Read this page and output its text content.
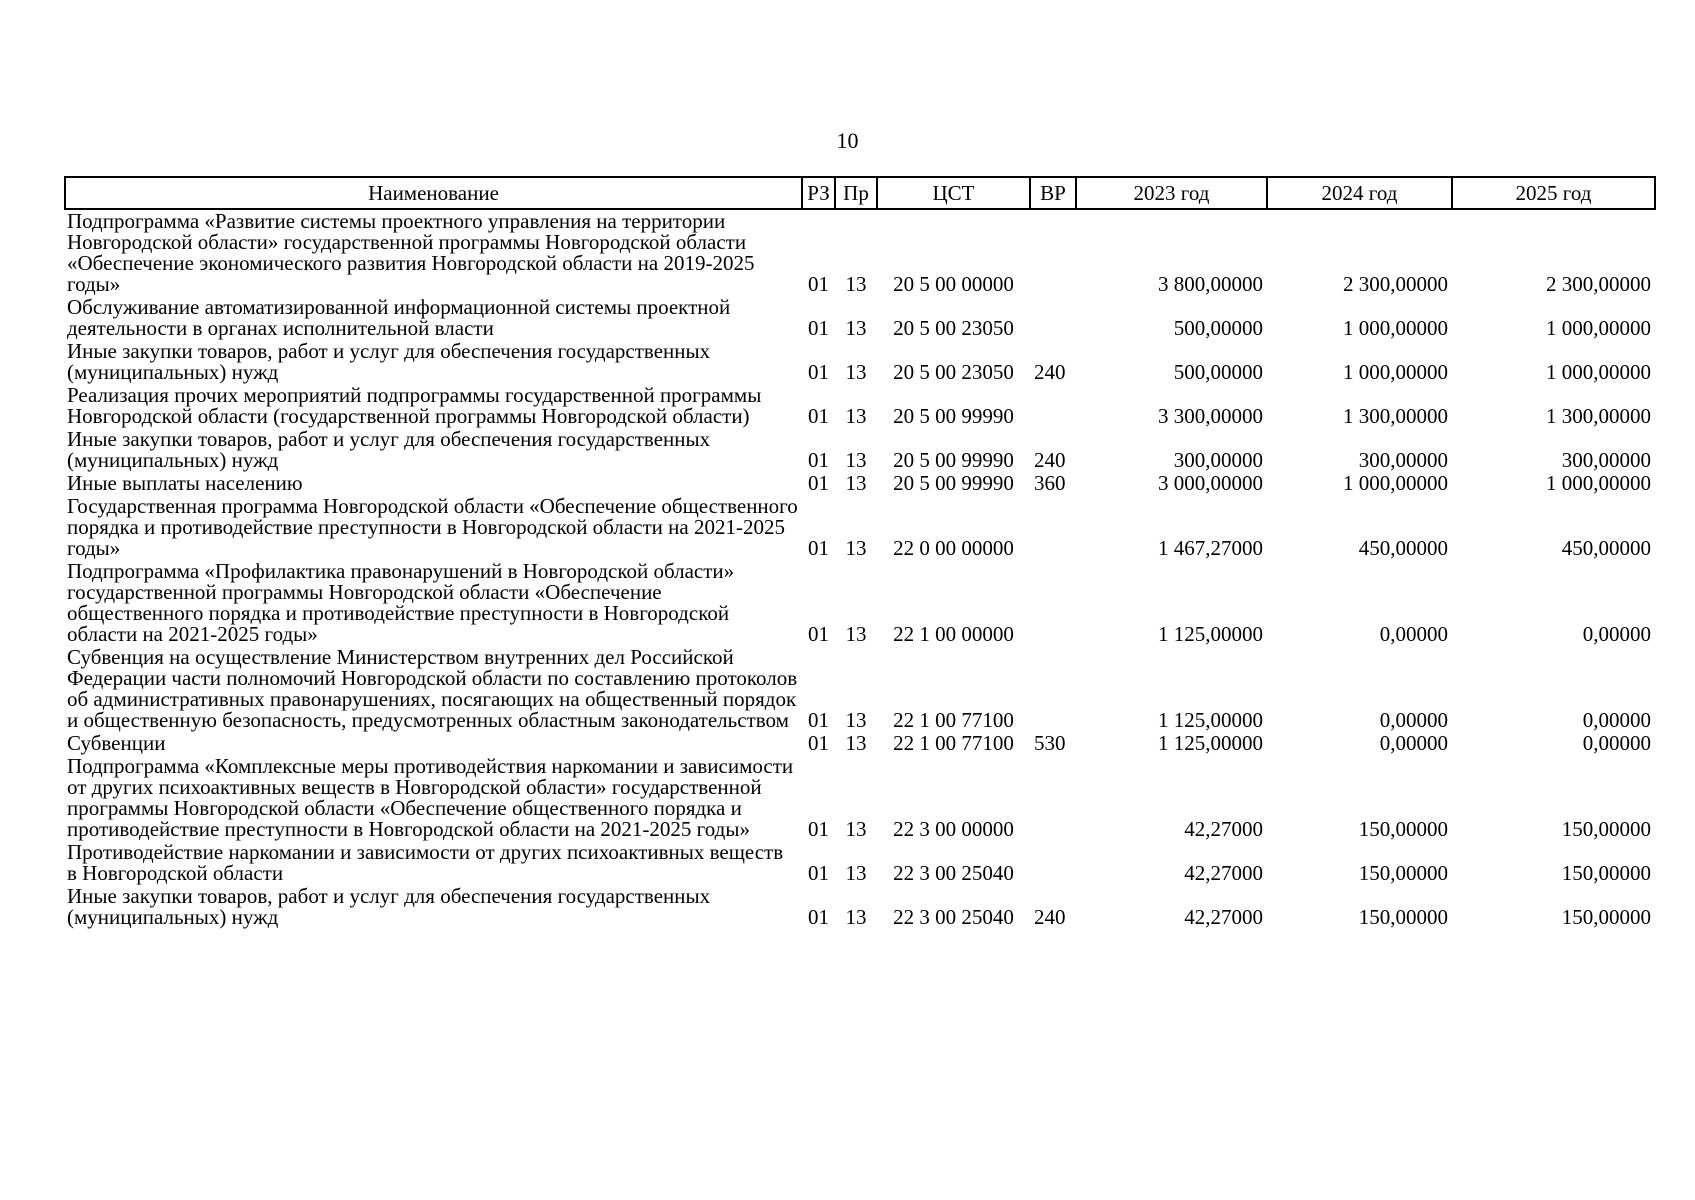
10
Наименование	РЗ	Пр	ЦСТ	ВР	2023 год	2024 год	2025 год
Подпрограмма «Развитие системы проектного управления на территории Новгородской области» государственной программы Новгородской области «Обеспечение экономического развития Новгородской области на 2019-2025 годы»	01	13	20 5 00 00000		3 800,00000	2 300,00000	2 300,00000
Обслуживание автоматизированной информационной системы проектной деятельности в органах исполнительной власти	01	13	20 5 00 23050		500,00000	1 000,00000	1 000,00000
Иные закупки товаров, работ и услуг для обеспечения государственных (муниципальных) нужд	01	13	20 5 00 23050	240	500,00000	1 000,00000	1 000,00000
Реализация прочих мероприятий подпрограммы государственной программы Новгородской области (государственной программы Новгородской области)	01	13	20 5 00 99990		3 300,00000	1 300,00000	1 300,00000
Иные закупки товаров, работ и услуг для обеспечения государственных (муниципальных) нужд	01	13	20 5 00 99990	240	300,00000	300,00000	300,00000
Иные выплаты населению	01	13	20 5 00 99990	360	3 000,00000	1 000,00000	1 000,00000
Государственная программа Новгородской области «Обеспечение общественного порядка и противодействие преступности в Новгородской области на 2021-2025 годы»	01	13	22 0 00 00000		1 467,27000	450,00000	450,00000
Подпрограмма «Профилактика правонарушений в Новгородской области» государственной программы Новгородской области «Обеспечение общественного порядка и противодействие преступности в Новгородской области на 2021-2025 годы»	01	13	22 1 00 00000		1 125,00000	0,00000	0,00000
Субвенция на осуществление Министерством внутренних дел Российской Федерации части полномочий Новгородской области по составлению протоколов об административных правонарушениях, посягающих на общественный порядок и общественную безопасность, предусмотренных областным законодательством	01	13	22 1 00 77100		1 125,00000	0,00000	0,00000
Субвенции	01	13	22 1 00 77100	530	1 125,00000	0,00000	0,00000
Подпрограмма «Комплексные меры противодействия наркомании и зависимости от других психоактивных веществ в Новгородской области» государственной программы Новгородской области «Обеспечение общественного порядка и противодействие преступности в Новгородской области на 2021-2025 годы»	01	13	22 3 00 00000		42,27000	150,00000	150,00000
Противодействие наркомании и зависимости от других психоактивных веществ в Новгородской области	01	13	22 3 00 25040		42,27000	150,00000	150,00000
Иные закупки товаров, работ и услуг для обеспечения государственных (муниципальных) нужд	01	13	22 3 00 25040	240	42,27000	150,00000	150,00000
